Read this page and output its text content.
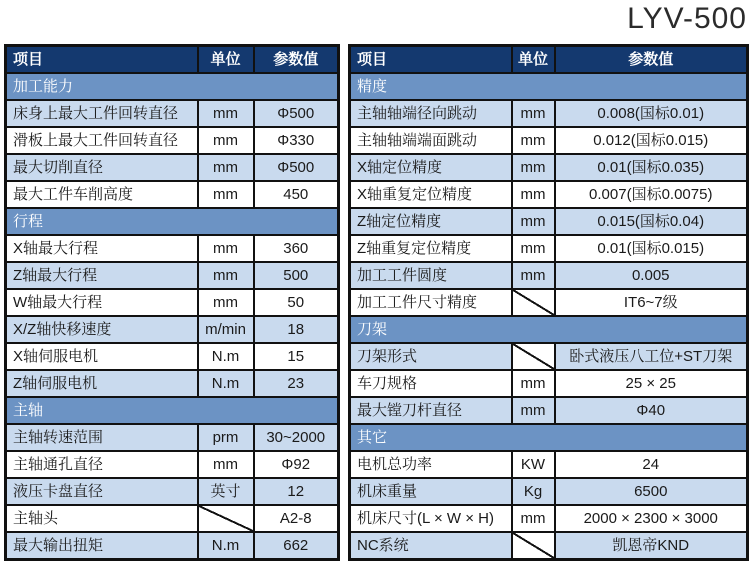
LYV-500
项目	单位	参数值
加工能力		
床身上最大工件回转直径	mm	Φ500
滑板上最大工件回转直径	mm	Φ330
最大切削直径	mm	Φ500
最大工件车削高度	mm	450
行程		
X轴最大行程	mm	360
Z轴最大行程	mm	500
W轴最大行程	mm	50
X/Z轴快移速度	m/min	18
X轴伺服电机	N.m	15
Z轴伺服电机	N.m	23
主轴		
主轴转速范围	prm	30~2000
主轴通孔直径	mm	Φ92
液压卡盘直径	英寸	12
主轴头		A2-8
最大输出扭矩	N.m	662
项目	单位	参数值
精度		
主轴轴端径向跳动	mm	0.008(国标0.01)
主轴轴端端面跳动	mm	0.012(国标0.015)
X轴定位精度	mm	0.01(国标0.035)
X轴重复定位精度	mm	0.007(国标0.0075)
Z轴定位精度	mm	0.015(国标0.04)
Z轴重复定位精度	mm	0.01(国标0.015)
加工工件圆度	mm	0.005
加工工件尺寸精度		IT6~7级
刀架		
刀架形式		卧式液压八工位+ST刀架
车刀规格	mm	25 × 25
最大镗刀杆直径	mm	Φ40
其它		
电机总功率	KW	24
机床重量	Kg	6500
机床尺寸(L × W × H)	mm	2000 × 2300 × 3000
NC系统		凯恩帝KND
